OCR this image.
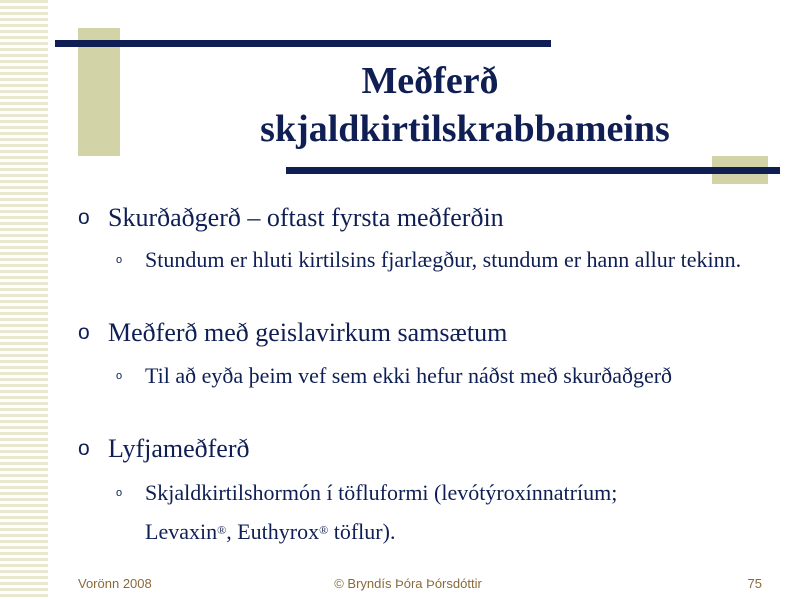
Meðferð
skjaldkirtilskrabbameins
o Skurðaðgerð – oftast fyrsta meðferðin
o Stundum er hluti kirtilsins fjarlægður, stundum er hann allur tekinn.
o Meðferð með geislavirkum samsætum
o Til að eyða þeim vef sem ekki hefur náðst með skurðaðgerð
o Lyfjameðferð
o Skjaldkirtilshormón í töfluformi (levótýroxínnatríum;
Levaxin®, Euthyrox® töflur).
Vorönn 2008	© Bryndís Þóra Þórsdóttir	75
